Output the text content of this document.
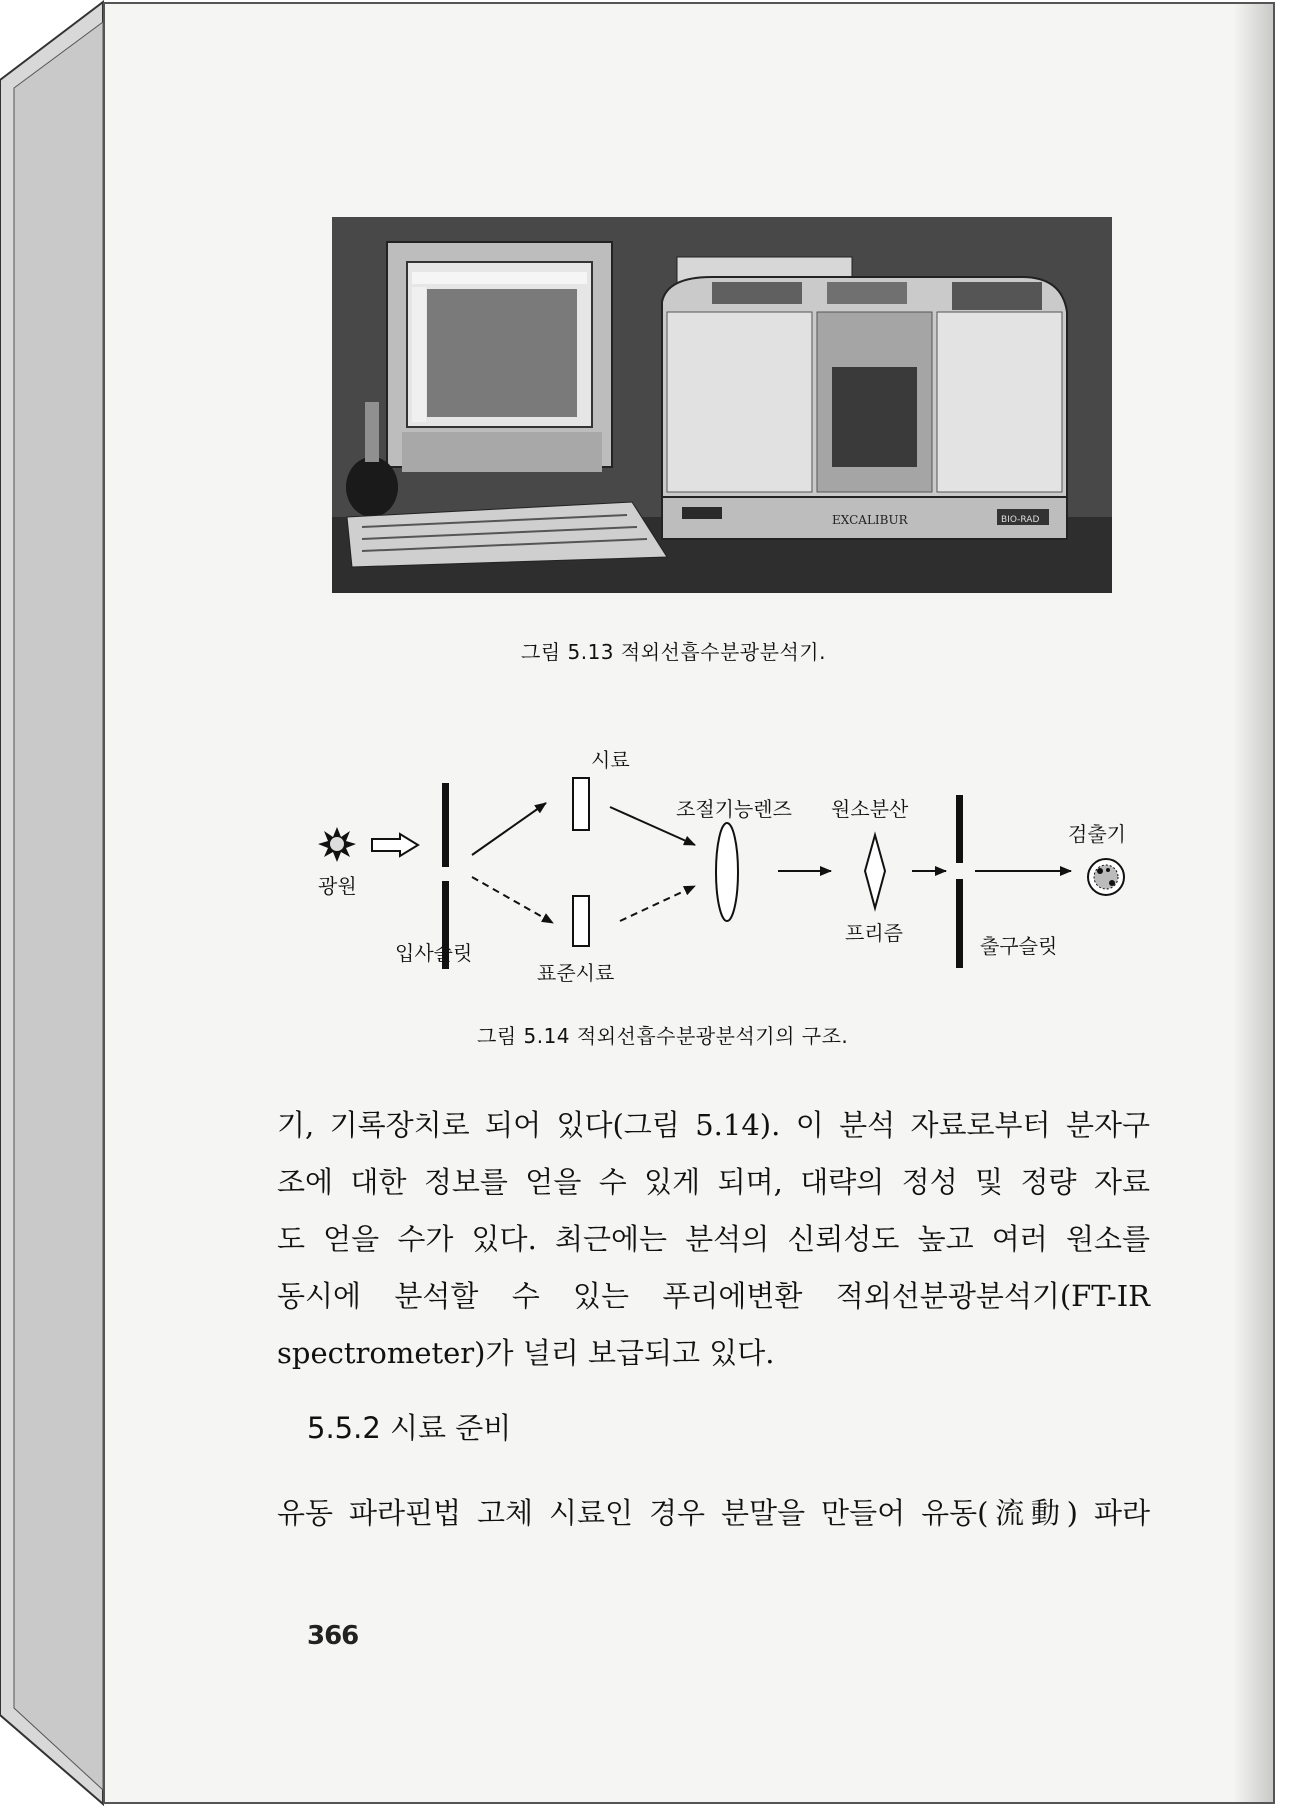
EXCALIBUR	BIO-RAD
그림 5.13 적외선흡수분광분석기.
광원
입사슬릿
시료
표준시료
조절기능렌즈 원소분산
프리즘
출구슬릿
검출기
그림 5.14 적외선흡수분광분석기의 구조.
기, 기록장치로 되어 있다(그림 5.14). 이 분석 자료로부터 분자구
조에 대한 정보를 얻을 수 있게 되며, 대략의 정성 및 정량 자료
도 얻을 수가 있다. 최근에는 분석의 신뢰성도 높고 여러 원소를
동시에 분석할 수 있는 푸리에변환 적외선분광분석기(FT-IR
spectrometer)가 널리 보급되고 있다.
5.5.2 시료 준비
유동 파라핀법 고체 시료인 경우 분말을 만들어 유동(流動) 파라
366
